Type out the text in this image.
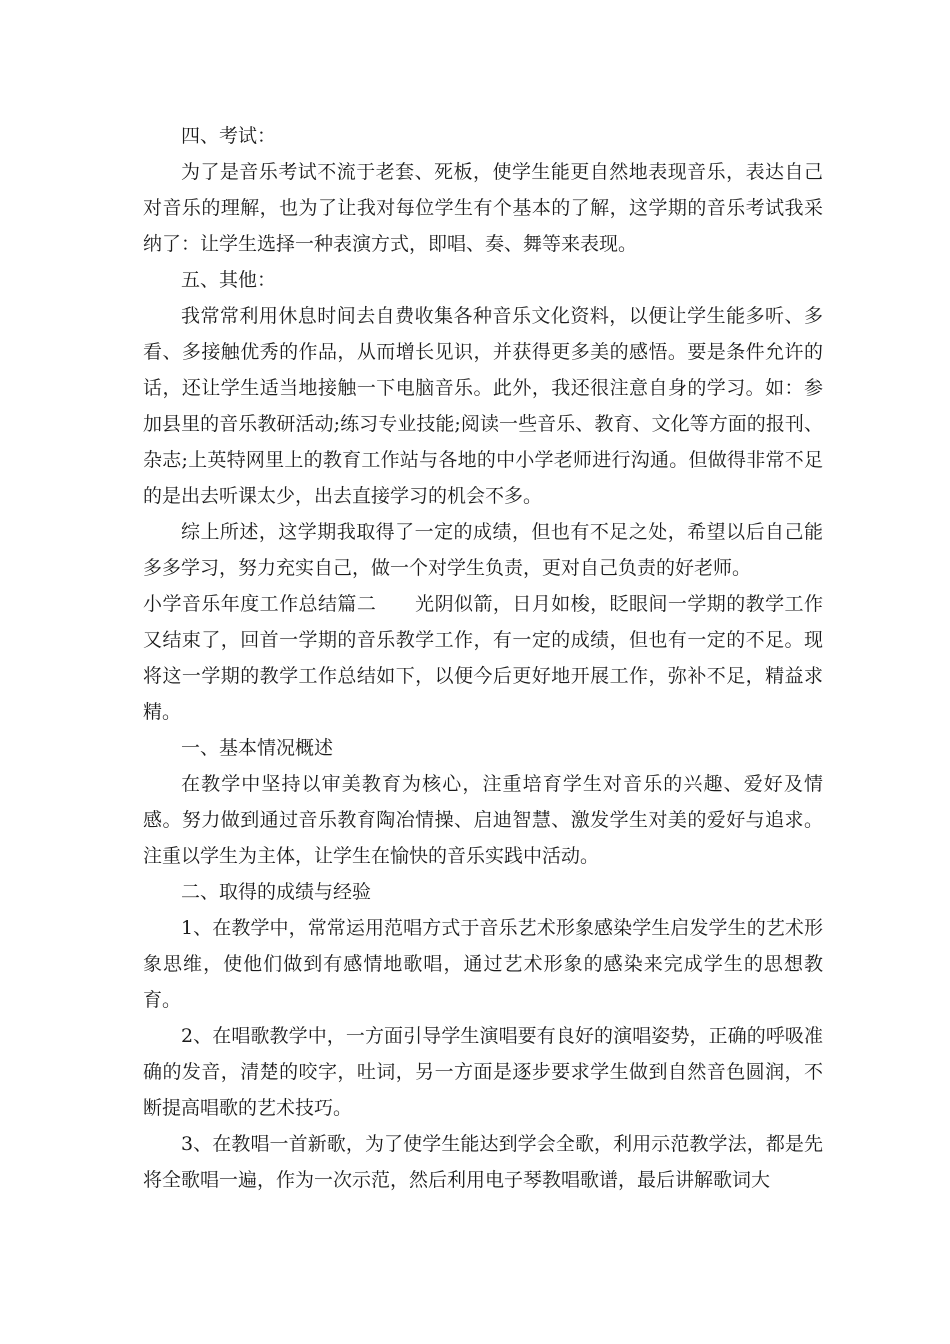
四、考试：

为了是音乐考试不流于老套、死板，使学生能更自然地表现音乐，表达自己对音乐的理解，也为了让我对每位学生有个基本的了解，这学期的音乐考试我采纳了：让学生选择一种表演方式，即唱、奏、舞等来表现。

五、其他：

我常常利用休息时间去自费收集各种音乐文化资料，以便让学生能多听、多看、多接触优秀的作品，从而增长见识，并获得更多美的感悟。要是条件允许的话，还让学生适当地接触一下电脑音乐。此外，我还很注意自身的学习。如：参加县里的音乐教研活动;练习专业技能;阅读一些音乐、教育、文化等方面的报刊、杂志;上英特网里上的教育工作站与各地的中小学老师进行沟通。但做得非常不足的是出去听课太少，出去直接学习的机会不多。

综上所述，这学期我取得了一定的成绩，但也有不足之处，希望以后自己能多多学习，努力充实自己，做一个对学生负责，更对自己负责的好老师。

小学音乐年度工作总结篇二　　光阴似箭，日月如梭，眨眼间一学期的教学工作又结束了，回首一学期的音乐教学工作，有一定的成绩，但也有一定的不足。现将这一学期的教学工作总结如下，以便今后更好地开展工作，弥补不足，精益求精。

一、基本情况概述

在教学中坚持以审美教育为核心，注重培育学生对音乐的兴趣、爱好及情感。努力做到通过音乐教育陶冶情操、启迪智慧、激发学生对美的爱好与追求。注重以学生为主体，让学生在愉快的音乐实践中活动。

二、取得的成绩与经验

1、在教学中，常常运用范唱方式于音乐艺术形象感染学生启发学生的艺术形象思维，使他们做到有感情地歌唱，通过艺术形象的感染来完成学生的思想教育。

2、在唱歌教学中，一方面引导学生演唱要有良好的演唱姿势，正确的呼吸准确的发音，清楚的咬字，吐词，另一方面是逐步要求学生做到自然音色圆润，不断提高唱歌的艺术技巧。

3、在教唱一首新歌，为了使学生能达到学会全歌，利用示范教学法，都是先将全歌唱一遍，作为一次示范，然后利用电子琴教唱歌谱，最后讲解歌词大
